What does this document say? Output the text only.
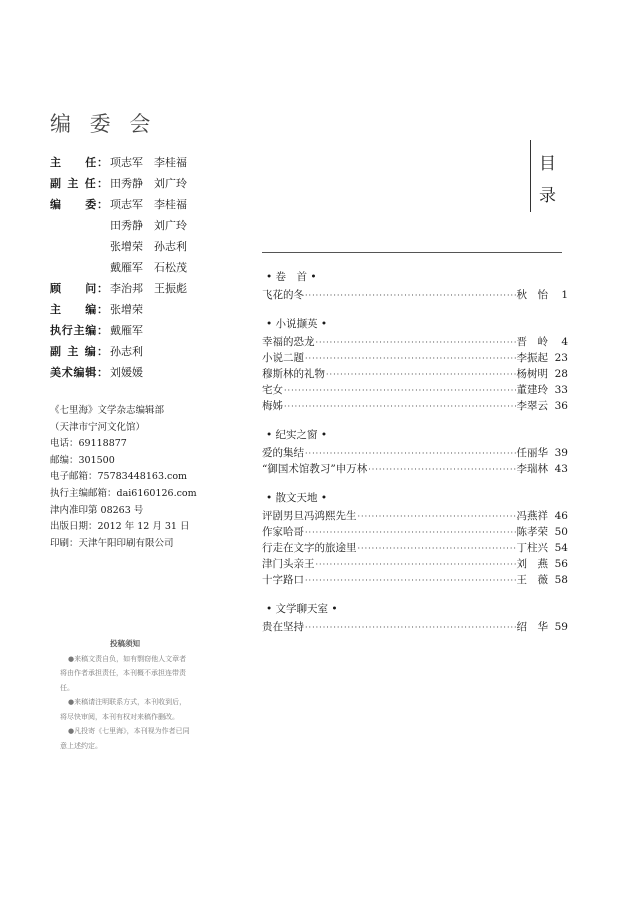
编 委 会
主　　任： 项志军　李桂福
副 主 任： 田秀静　刘广玲
编　　委： 项志军　李桂福
田秀静　刘广玲
张增荣　孙志利
戴雁军　石松茂
顾　　问： 李治邦　王振彪
主　　编： 张增荣
执行主编： 戴雁军
副 主 编： 孙志利
美术编辑： 刘媛媛
《七里海》文学杂志编辑部
（天津市宁河文化馆）
电话：69118877
邮编：301500
电子邮箱：75783448163.com
执行主编邮箱：dai6160126.com
津内准印第 08263 号
出版日期：2012 年 12 月 31 日
印刷：天津午阳印刷有限公司
投稿须知

●来稿文责自负，如有剽窃他人文章者将由作者承担责任，本刊概不承担连带责任。

●来稿请注明联系方式，本刊收到后，将尽快审阅，本刊有权对来稿作删改。

●凡投寄《七里海》，本刊视为作者已同意上述约定。

目
录
• 卷　首 •
飞花的冬 ·····	秋　怡	1
• 小说撷英 •
幸福的恐龙 ·····	晋　岭	4
小说二题 ·····	李振起 23
穆斯林的礼物 ·····	杨树明 28
宅女 ·····	董建玲 33
梅姊 ·····	李翠云 36
• 纪实之窗 •
爱的集结 ·····	任丽华 39
“御国术馆教习”申万林 ·····	李瑞林 43
• 散文天地 •
评剧男旦冯鸿熙先生 ·····	冯燕祥 46
作家哈哥 ·····	陈孝荣 50
行走在文字的旅途里 ·····	丁柱兴 54
津门头亲王 ·····	刘　燕 56
十字路口 ·····	王　薇 58
• 文学聊天室 •
贵在坚持 ·····	绍　华 59
